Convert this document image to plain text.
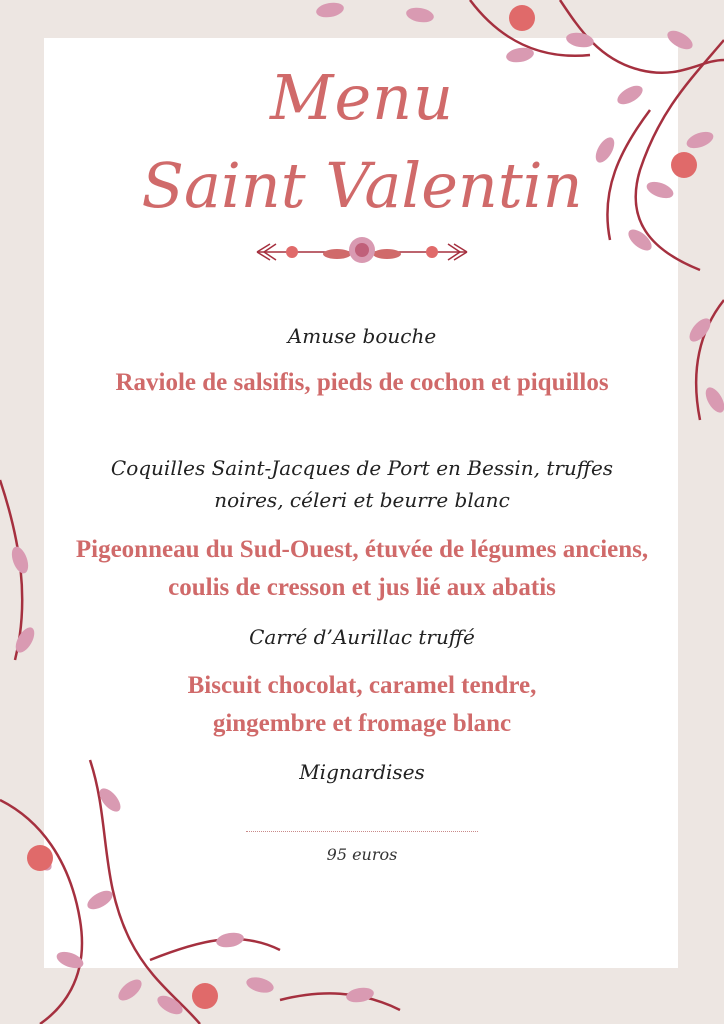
Menu
Saint Valentin
Amuse bouche
Raviole de salsifis, pieds de cochon et piquillos
Coquilles Saint-Jacques de Port en Bessin, truffes noires, céleri et beurre blanc
Pigeonneau du Sud-Ouest, étuvée de légumes anciens, coulis de cresson et jus lié aux abatis
Carré d’Aurillac truffé
Biscuit chocolat, caramel tendre, gingembre et fromage blanc
Mignardises
95 euros
